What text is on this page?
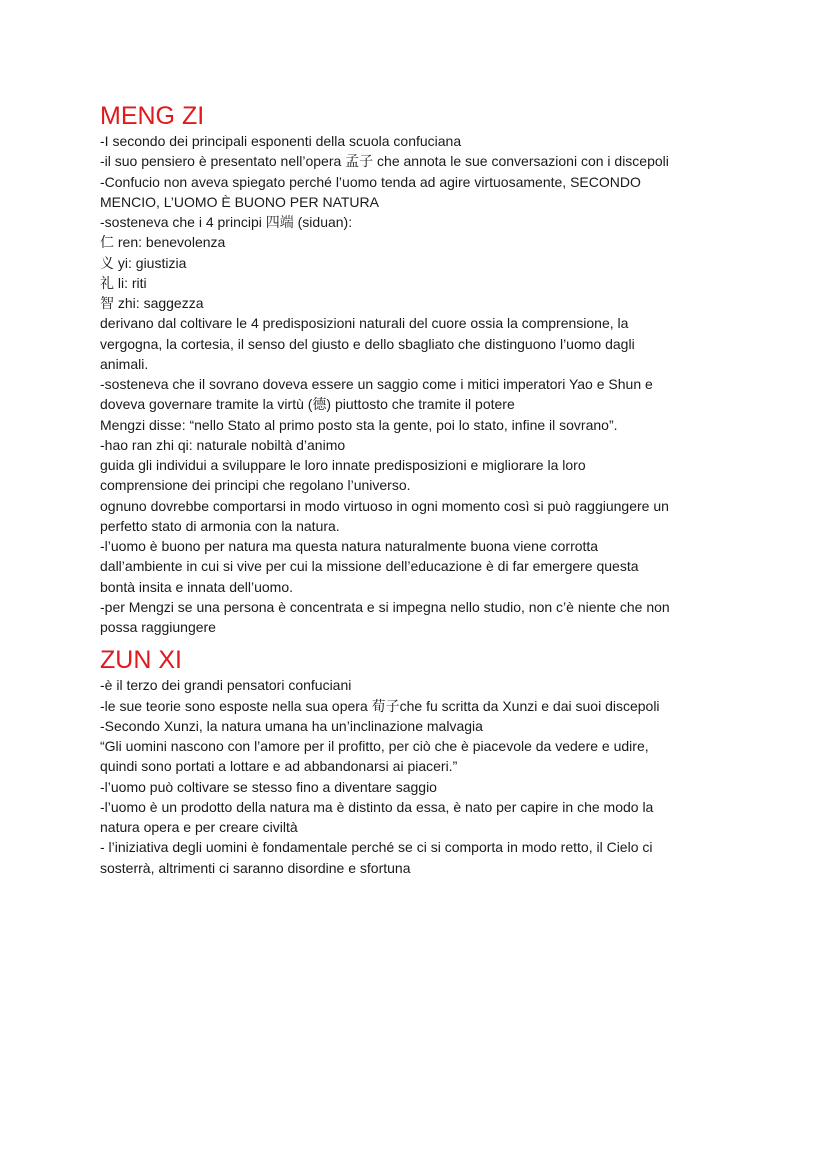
MENG ZI

-I secondo dei principali esponenti della scuola confuciana

-il suo pensiero è presentato nell’opera 孟子 che annota le sue conversazioni con i discepoli

-Confucio non aveva spiegato perché l’uomo tenda ad agire virtuosamente, SECONDO

MENCIO, L’UOMO È BUONO PER NATURA

-sosteneva che i 4 principi 四端 (siduan):

仁 ren: benevolenza

义 yi: giustizia

礼 li: riti

智 zhi: saggezza

derivano dal coltivare le 4 predisposizioni naturali del cuore ossia la comprensione, la

vergogna, la cortesia, il senso del giusto e dello sbagliato che distinguono l’uomo dagli

animali.

-sosteneva che il sovrano doveva essere un saggio come i mitici imperatori Yao e Shun e

doveva governare tramite la virtù (德) piuttosto che tramite il potere

Mengzi disse: “nello Stato al primo posto sta la gente, poi lo stato, infine il sovrano”.

-hao ran zhi qi: naturale nobiltà d’animo

guida gli individui a sviluppare le loro innate predisposizioni e migliorare la loro

comprensione dei principi che regolano l’universo.

ognuno dovrebbe comportarsi in modo virtuoso in ogni momento così si può raggiungere un

perfetto stato di armonia con la natura.

-l’uomo è buono per natura ma questa natura naturalmente buona viene corrotta

dall’ambiente in cui si vive per cui la missione dell’educazione è di far emergere questa

bontà insita e innata dell’uomo.

-per Mengzi se una persona è concentrata e si impegna nello studio, non c’è niente che non

possa raggiungere

ZUN XI

-è il terzo dei grandi pensatori confuciani

-le sue teorie sono esposte nella sua opera 荀子che fu scritta da Xunzi e dai suoi discepoli

-Secondo Xunzi, la natura umana ha un’inclinazione malvagia

“Gli uomini nascono con l’amore per il profitto, per ciò che è piacevole da vedere e udire,

quindi sono portati a lottare e ad abbandonarsi ai piaceri.”

-l’uomo può coltivare se stesso fino a diventare saggio

-l’uomo è un prodotto della natura ma è distinto da essa, è nato per capire in che modo la

natura opera e per creare civiltà

- l’iniziativa degli uomini è fondamentale perché se ci si comporta in modo retto, il Cielo ci

sosterrà, altrimenti ci saranno disordine e sfortuna
